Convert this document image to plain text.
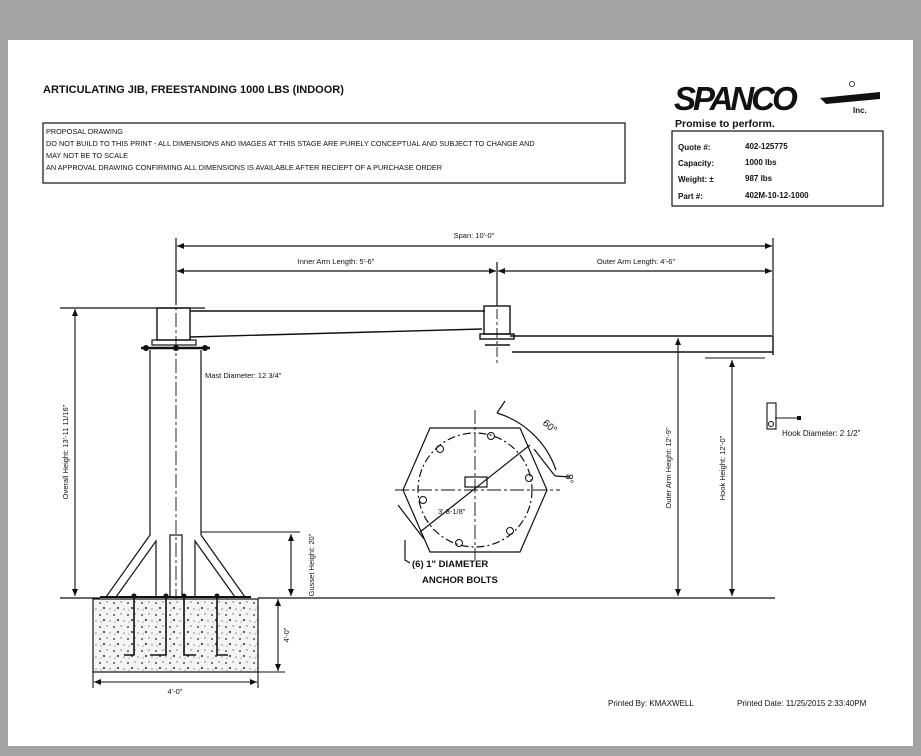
ARTICULATING JIB, FREESTANDING 1000 LBS (INDOOR)
PROPOSAL DRAWING
DO NOT BUILD TO THIS PRINT - ALL DIMENSIONS AND IMAGES AT THIS STAGE ARE PURELY CONCEPTUAL AND SUBJECT TO CHANGE AND
MAY NOT BE TO SCALE
AN APPROVAL DRAWING CONFIRMING ALL DIMENSIONS IS AVAILABLE AFTER RECIEPT OF A PURCHASE ORDER
SPANCO	Inc.
Promise to perform.
Quote #:	402-125775
Capacity:	1000 lbs
Weight: ±	987 lbs
Part #:	402M-10-12-1000
Span: 10'-0"
Inner Arm Length: 5'-6"	Outer Arm Length: 4'-6"
Mast Diameter: 12 3/4"
Overall Height: 13'-11 11/16"
Gusset Height: 20"
Outer Arm Height: 12'-9"	Hook Height: 12'-0"
4'-0"
4'-0"
Hook Diameter: 2 1/2"
3' 8-1/8"
60°
8°
(6) 1" DIAMETER
ANCHOR BOLTS
Printed By: KMAXWELL	Printed Date: 11/25/2015 2:33:40PM
